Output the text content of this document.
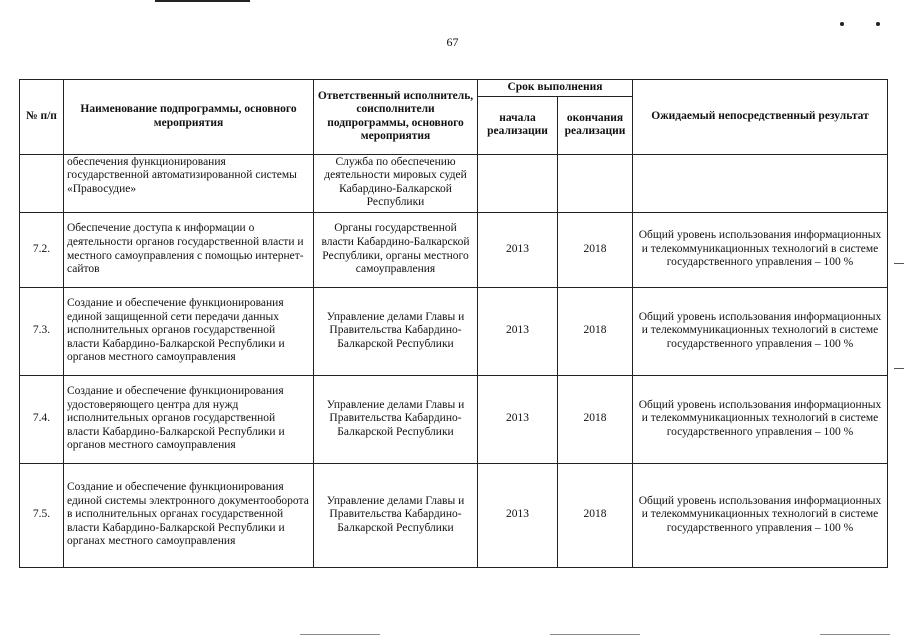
67
№ п/п	Наименование подпрограммы, основного мероприятия	Ответственный исполнитель, соисполнители подпрограммы, основного мероприятия	Срок выполнения		Ожидаемый непосредственный результат
			начала реализации	окончания реализации	
	обеспечения функционирования государственной автоматизированной системы «Правосудие»	Служба по обеспечению деятельности мировых судей Кабардино-Балкарской Республики			
7.2.	Обеспечение доступа к информации о деятельности органов государственной власти и местного самоуправления с помощью интернет-сайтов	Органы государственной власти Кабардино-Балкарской Республики, органы местного самоуправления	2013	2018	Общий уровень использования информационных и телекоммуникационных технологий в системе государственного управления – 100 %
7.3.	Создание и обеспечение функционирования единой защищенной сети передачи данных исполнительных органов государственной власти Кабардино-Балкарской Республики и органов местного самоуправления	Управление делами Главы и Правительства Кабардино-Балкарской Республики	2013	2018	Общий уровень использования информационных и телекоммуникационных технологий в системе государственного управления – 100 %
7.4.	Создание и обеспечение функционирования удостоверяющего центра для нужд исполнительных органов государственной власти Кабардино-Балкарской Республики и органов местного самоуправления	Управление делами Главы и Правительства Кабардино-Балкарской Республики	2013	2018	Общий уровень использования информационных и телекоммуникационных технологий в системе государственного управления – 100 %
7.5.	Создание и обеспечение функционирования единой системы электронного документооборота в исполнительных органах государственной власти Кабардино-Балкарской Республики и органах местного самоуправления	Управление делами Главы и Правительства Кабардино-Балкарской Республики	2013	2018	Общий уровень использования информационных и телекоммуникационных технологий в системе государственного управления – 100 %
